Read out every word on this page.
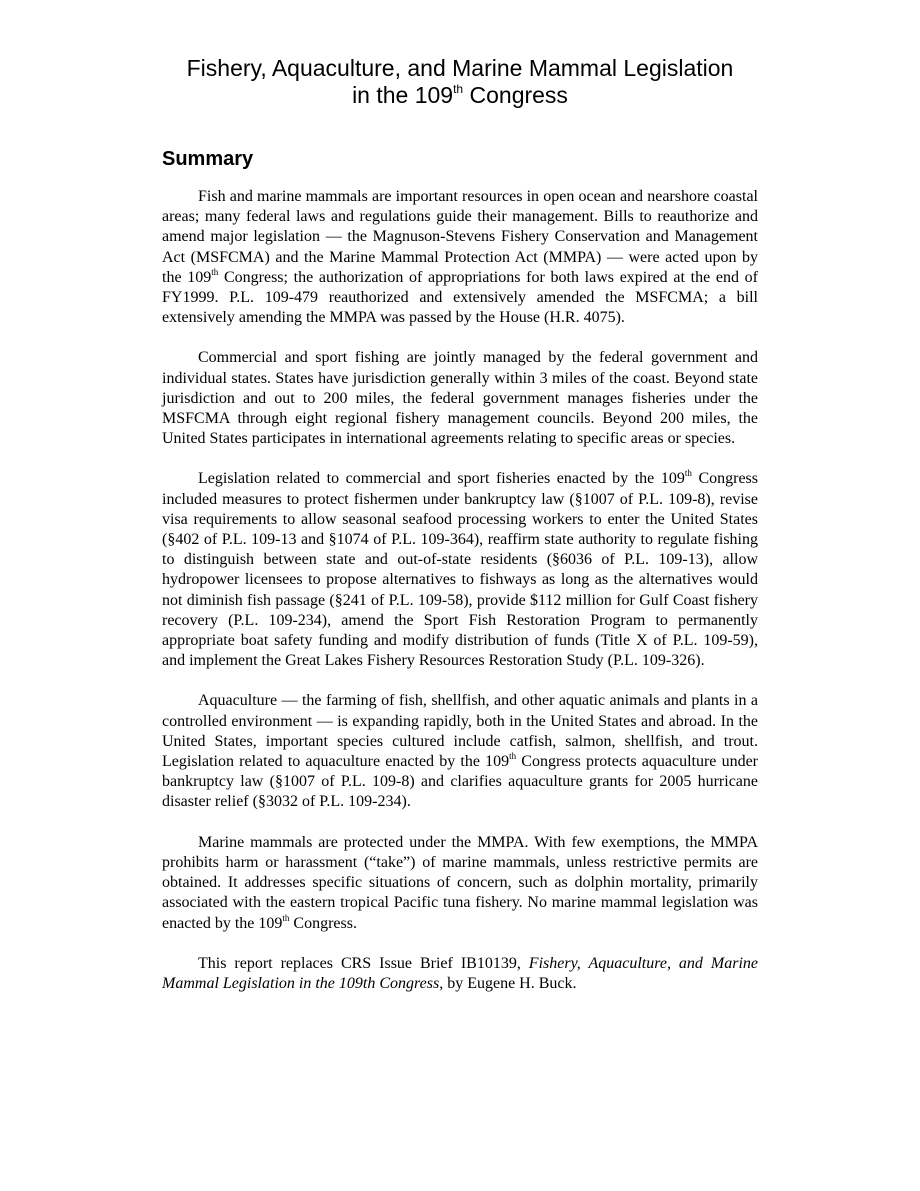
Fishery, Aquaculture, and Marine Mammal Legislation
in the 109th Congress
Summary

Fish and marine mammals are important resources in open ocean and nearshore coastal areas; many federal laws and regulations guide their management. Bills to reauthorize and amend major legislation — the Magnuson-Stevens Fishery Conservation and Management Act (MSFCMA) and the Marine Mammal Protection Act (MMPA) — were acted upon by the 109th Congress; the authorization of appropriations for both laws expired at the end of FY1999. P.L. 109-479 reauthorized and extensively amended the MSFCMA; a bill extensively amending the MMPA was passed by the House (H.R. 4075).

Commercial and sport fishing are jointly managed by the federal government and individual states. States have jurisdiction generally within 3 miles of the coast. Beyond state jurisdiction and out to 200 miles, the federal government manages fisheries under the MSFCMA through eight regional fishery management councils. Beyond 200 miles, the United States participates in international agreements relating to specific areas or species.

Legislation related to commercial and sport fisheries enacted by the 109th Congress included measures to protect fishermen under bankruptcy law (§1007 of P.L. 109-8), revise visa requirements to allow seasonal seafood processing workers to enter the United States (§402 of P.L. 109-13 and §1074 of P.L. 109-364), reaffirm state authority to regulate fishing to distinguish between state and out-of-state residents (§6036 of P.L. 109-13), allow hydropower licensees to propose alternatives to fishways as long as the alternatives would not diminish fish passage (§241 of P.L. 109-58), provide $112 million for Gulf Coast fishery recovery (P.L. 109-234), amend the Sport Fish Restoration Program to permanently appropriate boat safety funding and modify distribution of funds (Title X of P.L. 109-59), and implement the Great Lakes Fishery Resources Restoration Study (P.L. 109-326).

Aquaculture — the farming of fish, shellfish, and other aquatic animals and plants in a controlled environment — is expanding rapidly, both in the United States and abroad. In the United States, important species cultured include catfish, salmon, shellfish, and trout. Legislation related to aquaculture enacted by the 109th Congress protects aquaculture under bankruptcy law (§1007 of P.L. 109-8) and clarifies aquaculture grants for 2005 hurricane disaster relief (§3032 of P.L. 109-234).

Marine mammals are protected under the MMPA. With few exemptions, the MMPA prohibits harm or harassment (“take”) of marine mammals, unless restrictive permits are obtained. It addresses specific situations of concern, such as dolphin mortality, primarily associated with the eastern tropical Pacific tuna fishery. No marine mammal legislation was enacted by the 109th Congress.

This report replaces CRS Issue Brief IB10139, Fishery, Aquaculture, and Marine Mammal Legislation in the 109th Congress, by Eugene H. Buck.
